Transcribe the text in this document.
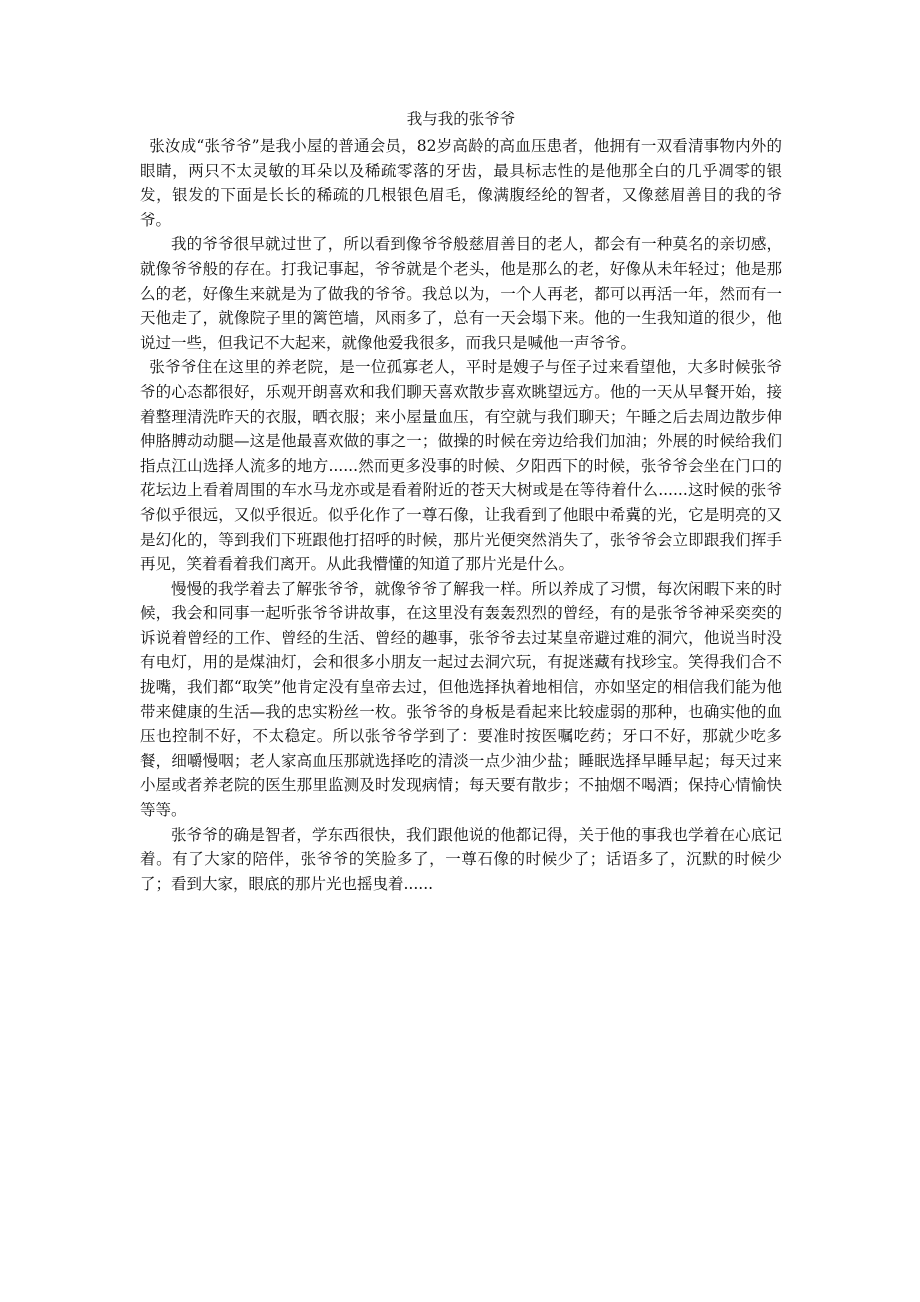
我与我的张爷爷

张汝成“张爷爷”是我小屋的普通会员，82岁高龄的高血压患者，他拥有一双看清事物内外的眼睛，两只不太灵敏的耳朵以及稀疏零落的牙齿，最具标志性的是他那全白的几乎凋零的银发，银发的下面是长长的稀疏的几根银色眉毛，像满腹经纶的智者，又像慈眉善目的我的爷爷。

我的爷爷很早就过世了，所以看到像爷爷般慈眉善目的老人，都会有一种莫名的亲切感，就像爷爷般的存在。打我记事起，爷爷就是个老头，他是那么的老，好像从未年轻过；他是那么的老，好像生来就是为了做我的爷爷。我总以为，一个人再老，都可以再活一年，然而有一天他走了，就像院子里的篱笆墙，风雨多了，总有一天会塌下来。他的一生我知道的很少，他说过一些，但我记不大起来，就像他爱我很多，而我只是喊他一声爷爷。

张爷爷住在这里的养老院，是一位孤寡老人，平时是嫂子与侄子过来看望他，大多时候张爷爷的心态都很好，乐观开朗喜欢和我们聊天喜欢散步喜欢眺望远方。他的一天从早餐开始，接着整理清洗昨天的衣服，晒衣服；来小屋量血压，有空就与我们聊天；午睡之后去周边散步伸伸胳膊动动腿—这是他最喜欢做的事之一；做操的时候在旁边给我们加油；外展的时候给我们指点江山选择人流多的地方......然而更多没事的时候、夕阳西下的时候，张爷爷会坐在门口的花坛边上看着周围的车水马龙亦或是看着附近的苍天大树或是在等待着什么......这时候的张爷爷似乎很远，又似乎很近。似乎化作了一尊石像，让我看到了他眼中希冀的光，它是明亮的又是幻化的，等到我们下班跟他打招呼的时候，那片光便突然消失了，张爷爷会立即跟我们挥手再见，笑着看着我们离开。从此我懵懂的知道了那片光是什么。

慢慢的我学着去了解张爷爷，就像爷爷了解我一样。所以养成了习惯，每次闲暇下来的时候，我会和同事一起听张爷爷讲故事，在这里没有轰轰烈烈的曾经，有的是张爷爷神采奕奕的诉说着曾经的工作、曾经的生活、曾经的趣事，张爷爷去过某皇帝避过难的洞穴，他说当时没有电灯，用的是煤油灯，会和很多小朋友一起过去洞穴玩，有捉迷藏有找珍宝。笑得我们合不拢嘴，我们都“取笑”他肯定没有皇帝去过，但他选择执着地相信，亦如坚定的相信我们能为他带来健康的生活—我的忠实粉丝一枚。张爷爷的身板是看起来比较虚弱的那种，也确实他的血压也控制不好，不太稳定。所以张爷爷学到了：要准时按医嘱吃药；牙口不好，那就少吃多餐，细嚼慢咽；老人家高血压那就选择吃的清淡一点少油少盐；睡眠选择早睡早起；每天过来小屋或者养老院的医生那里监测及时发现病情；每天要有散步；不抽烟不喝酒；保持心情愉快等等。

张爷爷的确是智者，学东西很快，我们跟他说的他都记得，关于他的事我也学着在心底记着。有了大家的陪伴，张爷爷的笑脸多了，一尊石像的时候少了；话语多了，沉默的时候少了；看到大家，眼底的那片光也摇曳着......
